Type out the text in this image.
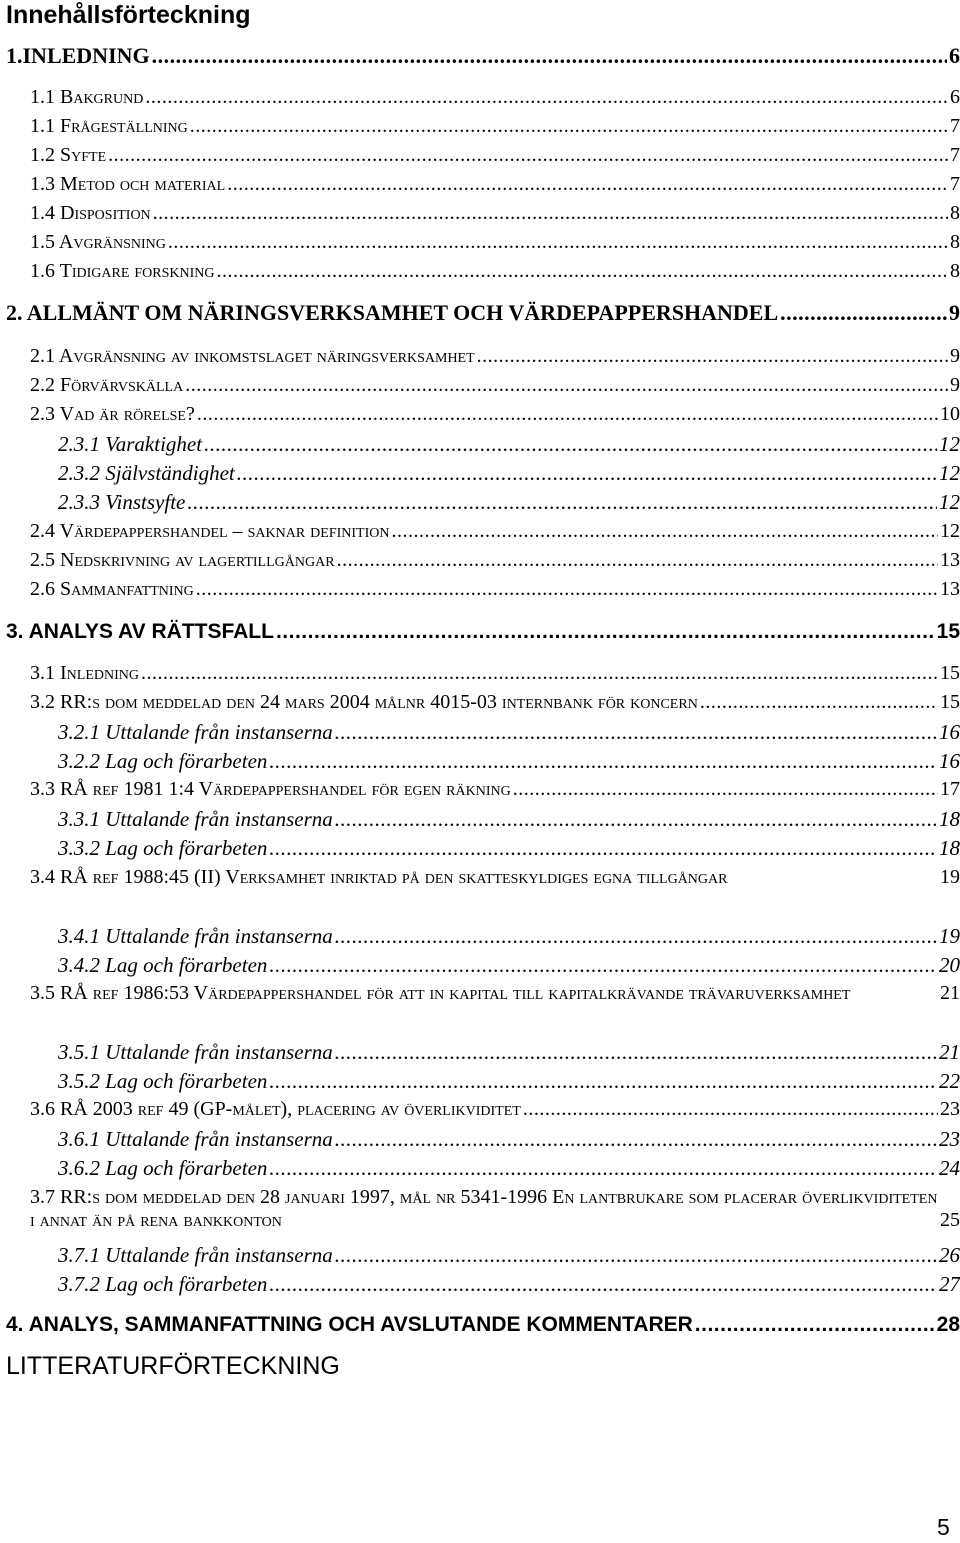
Innehållsförteckning
1.INLEDNING .....	6
1.1 Bakgrund .....	6
1.1 Frågeställning .....	7
1.2 Syfte .....	7
1.3 Metod och material .....	7
1.4 Disposition .....	8
1.5 Avgränsning .....	8
1.6 Tidigare forskning .....	8
2. ALLMÄNT OM NÄRINGSVERKSAMHET OCH VÄRDEPAPPERSHANDEL .....	9
2.1 Avgränsning av inkomstslaget näringsverksamhet .....	9
2.2 Förvärvskälla .....	9
2.3 Vad är rörelse? .....	10
2.3.1 Varaktighet .....	12
2.3.2 Självständighet .....	12
2.3.3 Vinstsyfte .....	12
2.4 Värdepappershandel – saknar definition .....	12
2.5 Nedskrivning av lagertillgångar .....	13
2.6 Sammanfattning .....	13
3. ANALYS AV RÄTTSFALL .....	15
3.1 Inledning .....	15
3.2 RR:s dom meddelad den 24 mars 2004 målnr 4015-03 internbank för koncern .....	15
3.2.1 Uttalande från instanserna .....	16
3.2.2 Lag och förarbeten .....	16
3.3 RÅ ref 1981 1:4 Värdepappershandel för egen räkning .....	17
3.3.1 Uttalande från instanserna .....	18
3.3.2 Lag och förarbeten .....	18
3.4 RÅ ref 1988:45 (II) Verksamhet inriktad på den skatteskyldiges egna tillgångar	19
3.4.1 Uttalande från instanserna .....	19
3.4.2 Lag och förarbeten .....	20
3.5 RÅ ref 1986:53 Värdepappershandel för att in kapital till kapitalkrävande trävaruverksamhet	21
3.5.1 Uttalande från instanserna .....	21
3.5.2 Lag och förarbeten .....	22
3.6 RÅ 2003 ref 49 (GP-målet), placering av överlikviditet .....	23
3.6.1 Uttalande från instanserna .....	23
3.6.2 Lag och förarbeten .....	24
3.7 RR:s dom meddelad den 28 januari 1997, mål nr 5341-1996 En lantbrukare som placerar överlikviditeten i annat än på rena bankkonton	25
3.7.1 Uttalande från instanserna .....	26
3.7.2 Lag och förarbeten .....	27
4. ANALYS, SAMMANFATTNING OCH AVSLUTANDE KOMMENTARER .....	28
LITTERATURFÖRTECKNING
5
